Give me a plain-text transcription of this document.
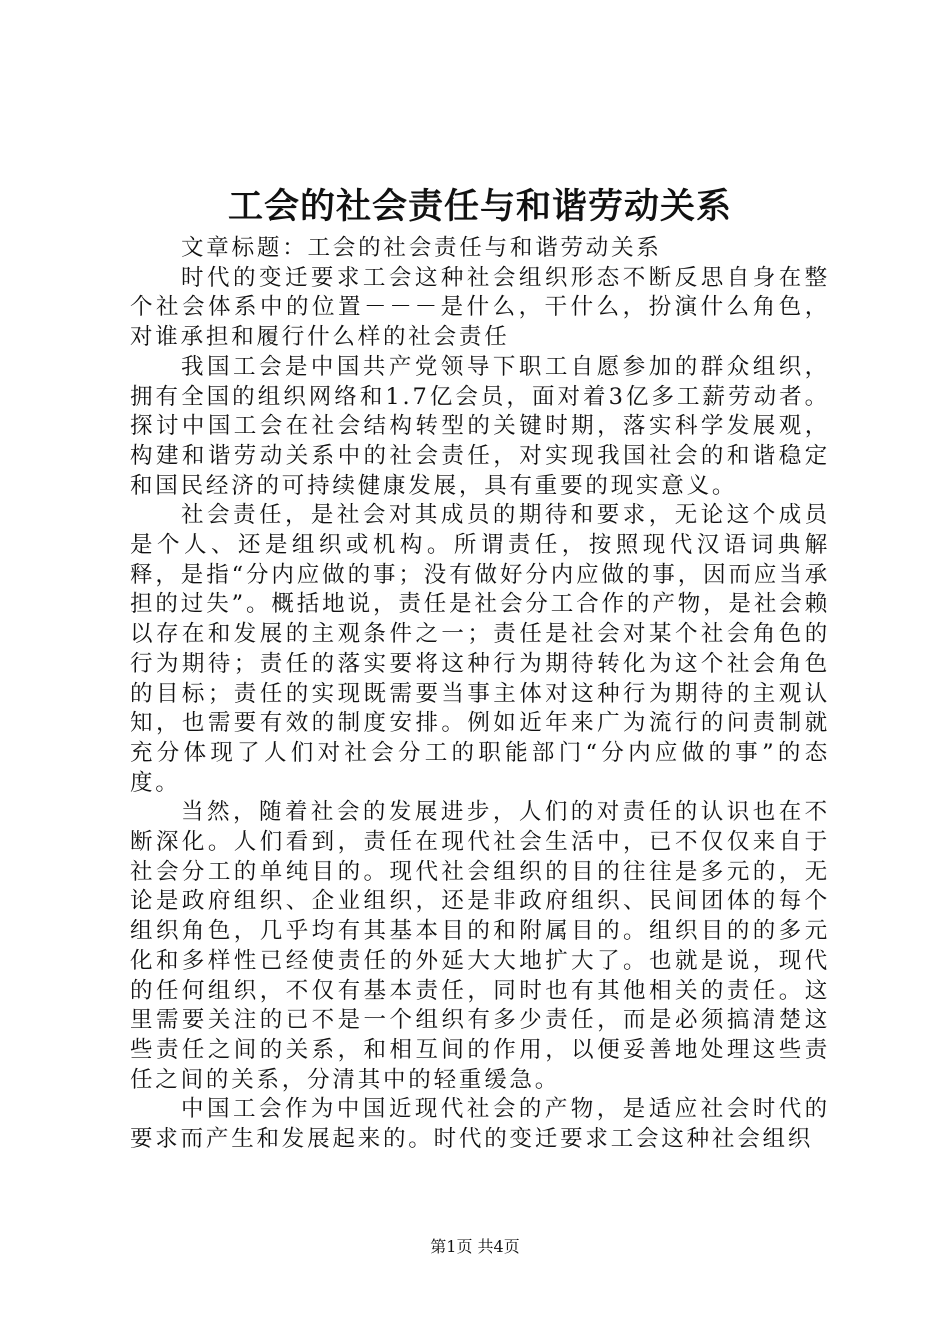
工会的社会责任与和谐劳动关系

文章标题：工会的社会责任与和谐劳动关系

时代的变迁要求工会这种社会组织形态不断反思自身在整个社会体系中的位置－－－是什么，干什么，扮演什么角色，对谁承担和履行什么样的社会责任

我国工会是中国共产党领导下职工自愿参加的群众组织，拥有全国的组织网络和1.7亿会员，面对着3亿多工薪劳动者。探讨中国工会在社会结构转型的关键时期，落实科学发展观，构建和谐劳动关系中的社会责任，对实现我国社会的和谐稳定和国民经济的可持续健康发展，具有重要的现实意义。

社会责任，是社会对其成员的期待和要求，无论这个成员是个人、还是组织或机构。所谓责任，按照现代汉语词典解释，是指“分内应做的事；没有做好分内应做的事，因而应当承担的过失”。概括地说，责任是社会分工合作的产物，是社会赖以存在和发展的主观条件之一；责任是社会对某个社会角色的行为期待；责任的落实要将这种行为期待转化为这个社会角色的目标；责任的实现既需要当事主体对这种行为期待的主观认知，也需要有效的制度安排。例如近年来广为流行的问责制就充分体现了人们对社会分工的职能部门“分内应做的事”的态度。

当然，随着社会的发展进步，人们的对责任的认识也在不断深化。人们看到，责任在现代社会生活中，已不仅仅来自于社会分工的单纯目的。现代社会组织的目的往往是多元的，无论是政府组织、企业组织，还是非政府组织、民间团体的每个组织角色，几乎均有其基本目的和附属目的。组织目的的多元化和多样性已经使责任的外延大大地扩大了。也就是说，现代的任何组织，不仅有基本责任，同时也有其他相关的责任。这里需要关注的已不是一个组织有多少责任，而是必须搞清楚这些责任之间的关系，和相互间的作用，以便妥善地处理这些责任之间的关系，分清其中的轻重缓急。

中国工会作为中国近现代社会的产物，是适应社会时代的要求而产生和发展起来的。时代的变迁要求工会这种社会组织

第1页 共4页
